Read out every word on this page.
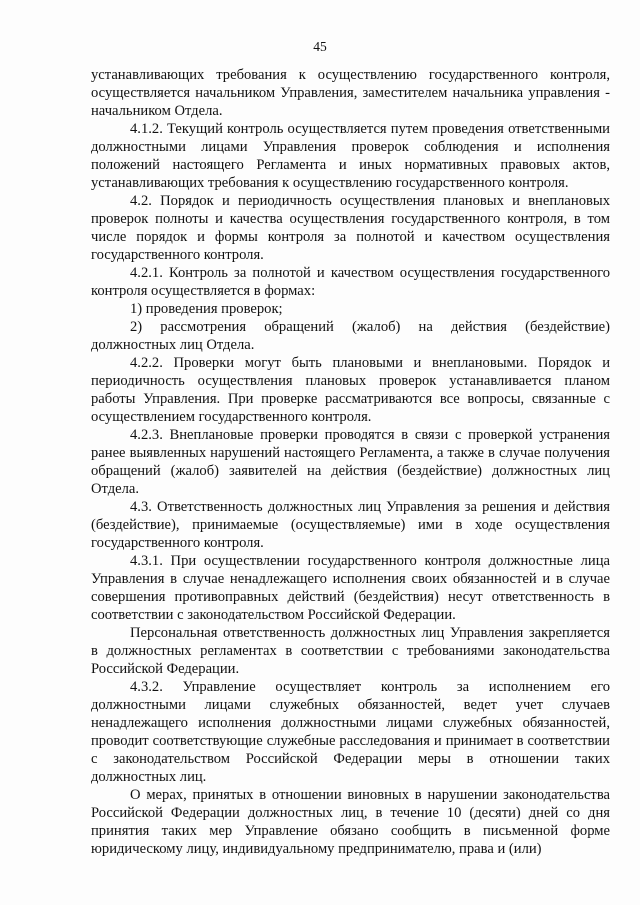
45

устанавливающих требования к осуществлению государственного контроля, осуществляется начальником Управления, заместителем начальника управления - начальником Отдела.

4.1.2. Текущий контроль осуществляется путем проведения ответственными должностными лицами Управления проверок соблюдения и исполнения положений настоящего Регламента и иных нормативных правовых актов, устанавливающих требования к осуществлению государственного контроля.

4.2. Порядок и периодичность осуществления плановых и внеплановых проверок полноты и качества осуществления государственного контроля, в том числе порядок и формы контроля за полнотой и качеством осуществления государственного контроля.

4.2.1. Контроль за полнотой и качеством осуществления государственного контроля осуществляется в формах:

1) проведения проверок;

2) рассмотрения обращений (жалоб) на действия (бездействие) должностных лиц Отдела.

4.2.2. Проверки могут быть плановыми и внеплановыми. Порядок и периодичность осуществления плановых проверок устанавливается планом работы Управления. При проверке рассматриваются все вопросы, связанные с осуществлением государственного контроля.

4.2.3. Внеплановые проверки проводятся в связи с проверкой устранения ранее выявленных нарушений настоящего Регламента, а также в случае получения обращений (жалоб) заявителей на действия (бездействие) должностных лиц Отдела.

4.3. Ответственность должностных лиц Управления за решения и действия (бездействие), принимаемые (осуществляемые) ими в ходе осуществления государственного контроля.

4.3.1. При осуществлении государственного контроля должностные лица Управления в случае ненадлежащего исполнения своих обязанностей и в случае совершения противоправных действий (бездействия) несут ответственность в соответствии с законодательством Российской Федерации.

Персональная ответственность должностных лиц Управления закрепляется в должностных регламентах в соответствии с требованиями законодательства Российской Федерации.

4.3.2. Управление осуществляет контроль за исполнением его должностными лицами служебных обязанностей, ведет учет случаев ненадлежащего исполнения должностными лицами служебных обязанностей, проводит соответствующие служебные расследования и принимает в соответствии с законодательством Российской Федерации меры в отношении таких должностных лиц.

О мерах, принятых в отношении виновных в нарушении законодательства Российской Федерации должностных лиц, в течение 10 (десяти) дней со дня принятия таких мер Управление обязано сообщить в письменной форме юридическому лицу, индивидуальному предпринимателю, права и (или)
